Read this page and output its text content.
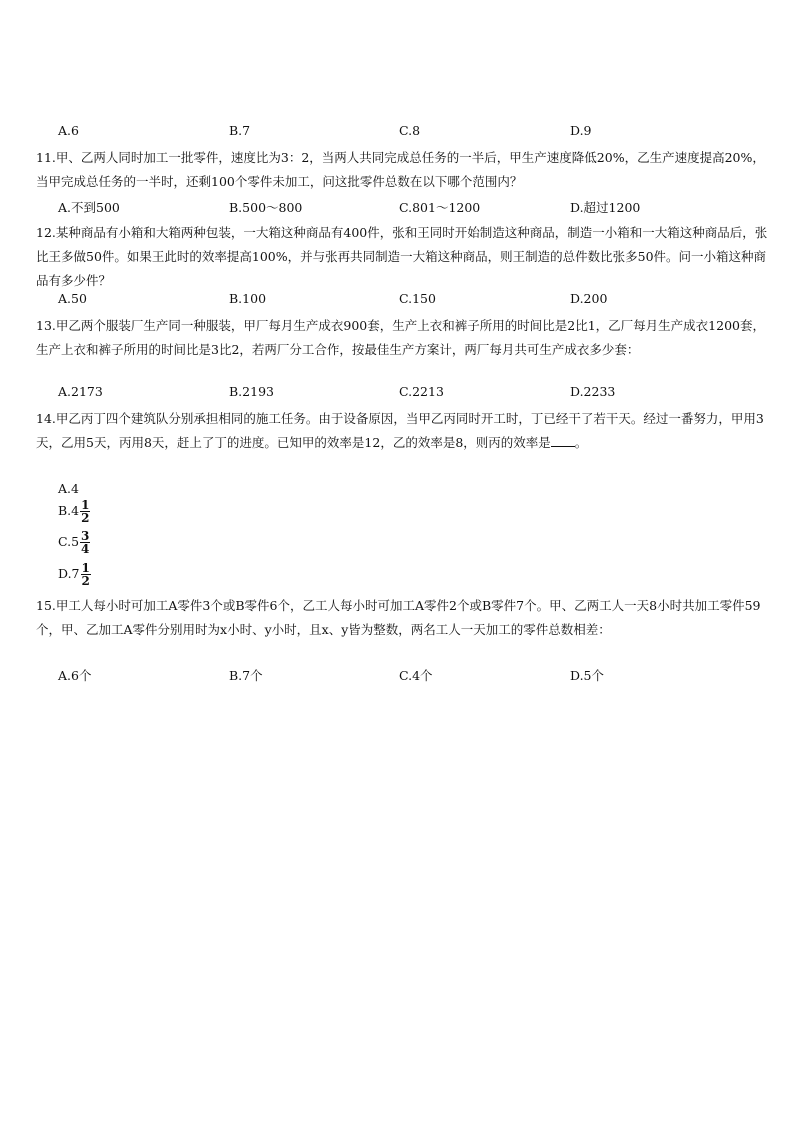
A.6	B.7	C.8	D.9
11.甲、乙两人同时加工一批零件，速度比为3：2，当两人共同完成总任务的一半后，甲生产速度降低20%，乙生产速度提高20%，当甲完成总任务的一半时，还剩100个零件未加工，问这批零件总数在以下哪个范围内？
A.不到500	B.500～800	C.801～1200	D.超过1200
12.某种商品有小箱和大箱两种包装，一大箱这种商品有400件，张和王同时开始制造这种商品，制造一小箱和一大箱这种商品后，张比王多做50件。如果王此时的效率提高100%，并与张再共同制造一大箱这种商品，则王制造的总件数比张多50件。问一小箱这种商品有多少件？
A.50	B.100	C.150	D.200
13.甲乙两个服装厂生产同一种服装，甲厂每月生产成衣900套，生产上衣和裤子所用的时间比是2比1，乙厂每月生产成衣1200套，生产上衣和裤子所用的时间比是3比2，若两厂分工合作，按最佳生产方案计，两厂每月共可生产成衣多少套：
A.2173	B.2193	C.2213	D.2233
14.甲乙丙丁四个建筑队分别承担相同的施工任务。由于设备原因，当甲乙丙同时开工时，丁已经干了若干天。经过一番努力，甲用3天，乙用5天，丙用8天，赶上了丁的进度。已知甲的效率是12，乙的效率是8，则丙的效率是 。
A.4
$B.4 \frac{1}{2}$
$C.5 \frac{3}{4}$
$D.7 \frac{1}{2}$
15.甲工人每小时可加工A零件3个或B零件6个，乙工人每小时可加工A零件2个或B零件7个。甲、乙两工人一天8小时共加工零件59个，甲、乙加工A零件分别用时为x小时、y小时，且x、y皆为整数，两名工人一天加工的零件总数相差：
A.6个	B.7个	C.4个	D.5个
